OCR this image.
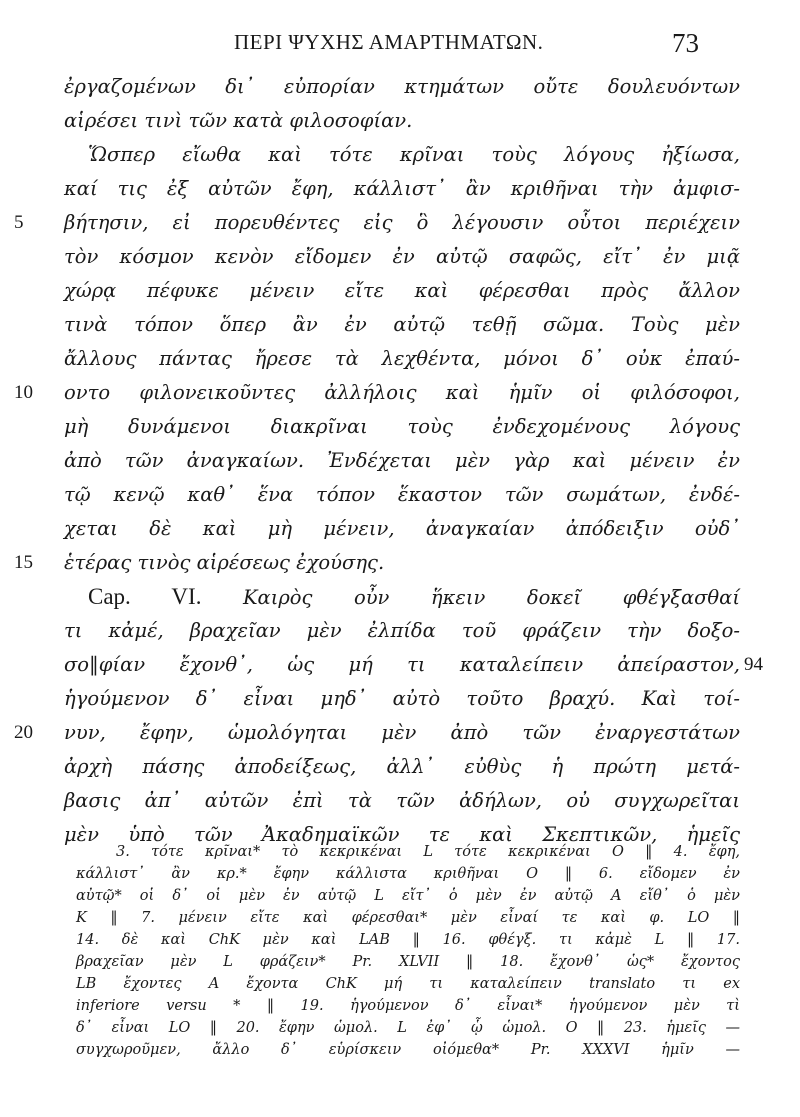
ΠΕΡΙ ΨΥΧΗΣ ΑΜΑΡΤΗΜΑΤΩΝ.	73
ἐργαζομένων δι᾽ εὐπορίαν κτημάτων οὔτε δουλευόντων
αἱρέσει τινὶ τῶν κατὰ φιλοσοφίαν.
Ὥσπερ εἴωθα καὶ τότε κρῖναι τοὺς λόγους ἠξίωσα,
καί τις ἐξ αὐτῶν ἔφη, κάλλιστ᾽ ἂν κριθῆναι τὴν ἀμφισ-
5	βήτησιν, εἰ πορευθέντες εἰς ὃ λέγουσιν οὗτοι περιέχειν
τὸν κόσμον κενὸν εἴδομεν ἐν αὐτῷ σαφῶς, εἴτ᾽ ἐν μιᾷ
χώρᾳ πέφυκε μένειν εἴτε καὶ φέρεσθαι πρὸς ἄλλον
τινὰ τόπον ὅπερ ἂν ἐν αὐτῷ τεθῇ σῶμα. Τοὺς μὲν
ἄλλους πάντας ἤρεσε τὰ λεχθέντα, μόνοι δ᾽ οὐκ ἐπαύ-
10	οντο φιλονεικοῦντες ἀλλήλοις καὶ ἡμῖν οἱ φιλόσοφοι,
μὴ δυνάμενοι διακρῖναι τοὺς ἐνδεχομένους λόγους
ἀπὸ τῶν ἀναγκαίων. Ἐνδέχεται μὲν γὰρ καὶ μένειν ἐν
τῷ κενῷ καθ᾽ ἕνα τόπον ἕκαστον τῶν σωμάτων, ἐνδέ-
χεται δὲ καὶ μὴ μένειν, ἀναγκαίαν ἀπόδειξιν οὐδ᾽
15	ἑτέρας τινὸς αἱρέσεως ἐχούσης.
Cap. VI. Καιρὸς οὖν ἥκειν δοκεῖ φθέγξασθαί
τι κἀμέ, βραχεῖαν μὲν ἐλπίδα τοῦ φράζειν τὴν δοξο-
σο‖φίαν ἔχονθ᾽, ὡς μή τι καταλείπειν ἀπείραστον, 94
ἡγούμενον δ᾽ εἶναι μηδ᾽ αὐτὸ τοῦτο βραχύ. Καὶ τοί-
20	νυν, ἔφην, ὡμολόγηται μὲν ἀπὸ τῶν ἐναργεστάτων
ἀρχὴ πάσης ἀποδείξεως, ἀλλ᾽ εὐθὺς ἡ πρώτη μετά-
βασις ἀπ᾽ αὐτῶν ἐπὶ τὰ τῶν ἀδήλων, οὐ συγχωρεῖται
μὲν ὑπὸ τῶν Ἀκαδημαϊκῶν τε καὶ Σκεπτικῶν, ἡμεῖς
3. τότε κρῖναι* τὸ κεκρικέναι L τότε κεκρικέναι O ‖ 4. ἔφη,
κάλλιστ᾽ ἂν κρ.* ἔφην κάλλιστα κριθῆναι O ‖ 6. εἴδομεν ἐν
αὐτῷ* οἱ δ᾽ οἱ μὲν ἐν αὐτῷ L εἴτ᾽ ὁ μὲν ἐν αὐτῷ A εἴθ᾽ ὁ μὲν
K ‖ 7. μένειν εἴτε καὶ φέρεσθαι* μὲν εἶναί τε καὶ φ. LO ‖
14. δὲ καὶ ChK μὲν καὶ LAB ‖ 16. φθέγξ. τι κἀμὲ L ‖ 17.
βραχεῖαν μὲν L φράζειν* Pr. XLVII ‖ 18. ἔχονθ᾽ ὡς* ἔχοντος
LB ἔχοντες A ἔχοντα ChK μή τι καταλείπειν translato τι ex
inferiore versu * ‖ 19. ἡγούμενον δ᾽ εἶναι* ἡγούμενον μὲν τὶ
δ᾽ εἶναι LO ‖ 20. ἔφην ὡμολ. L ἐφ᾽ ᾧ ὡμολ. O ‖ 23. ἡμεῖς —
συγχωροῦμεν, ἄλλο δ᾽ εὑρίσκειν οἰόμεθα* Pr. XXXVI ἡμῖν —
